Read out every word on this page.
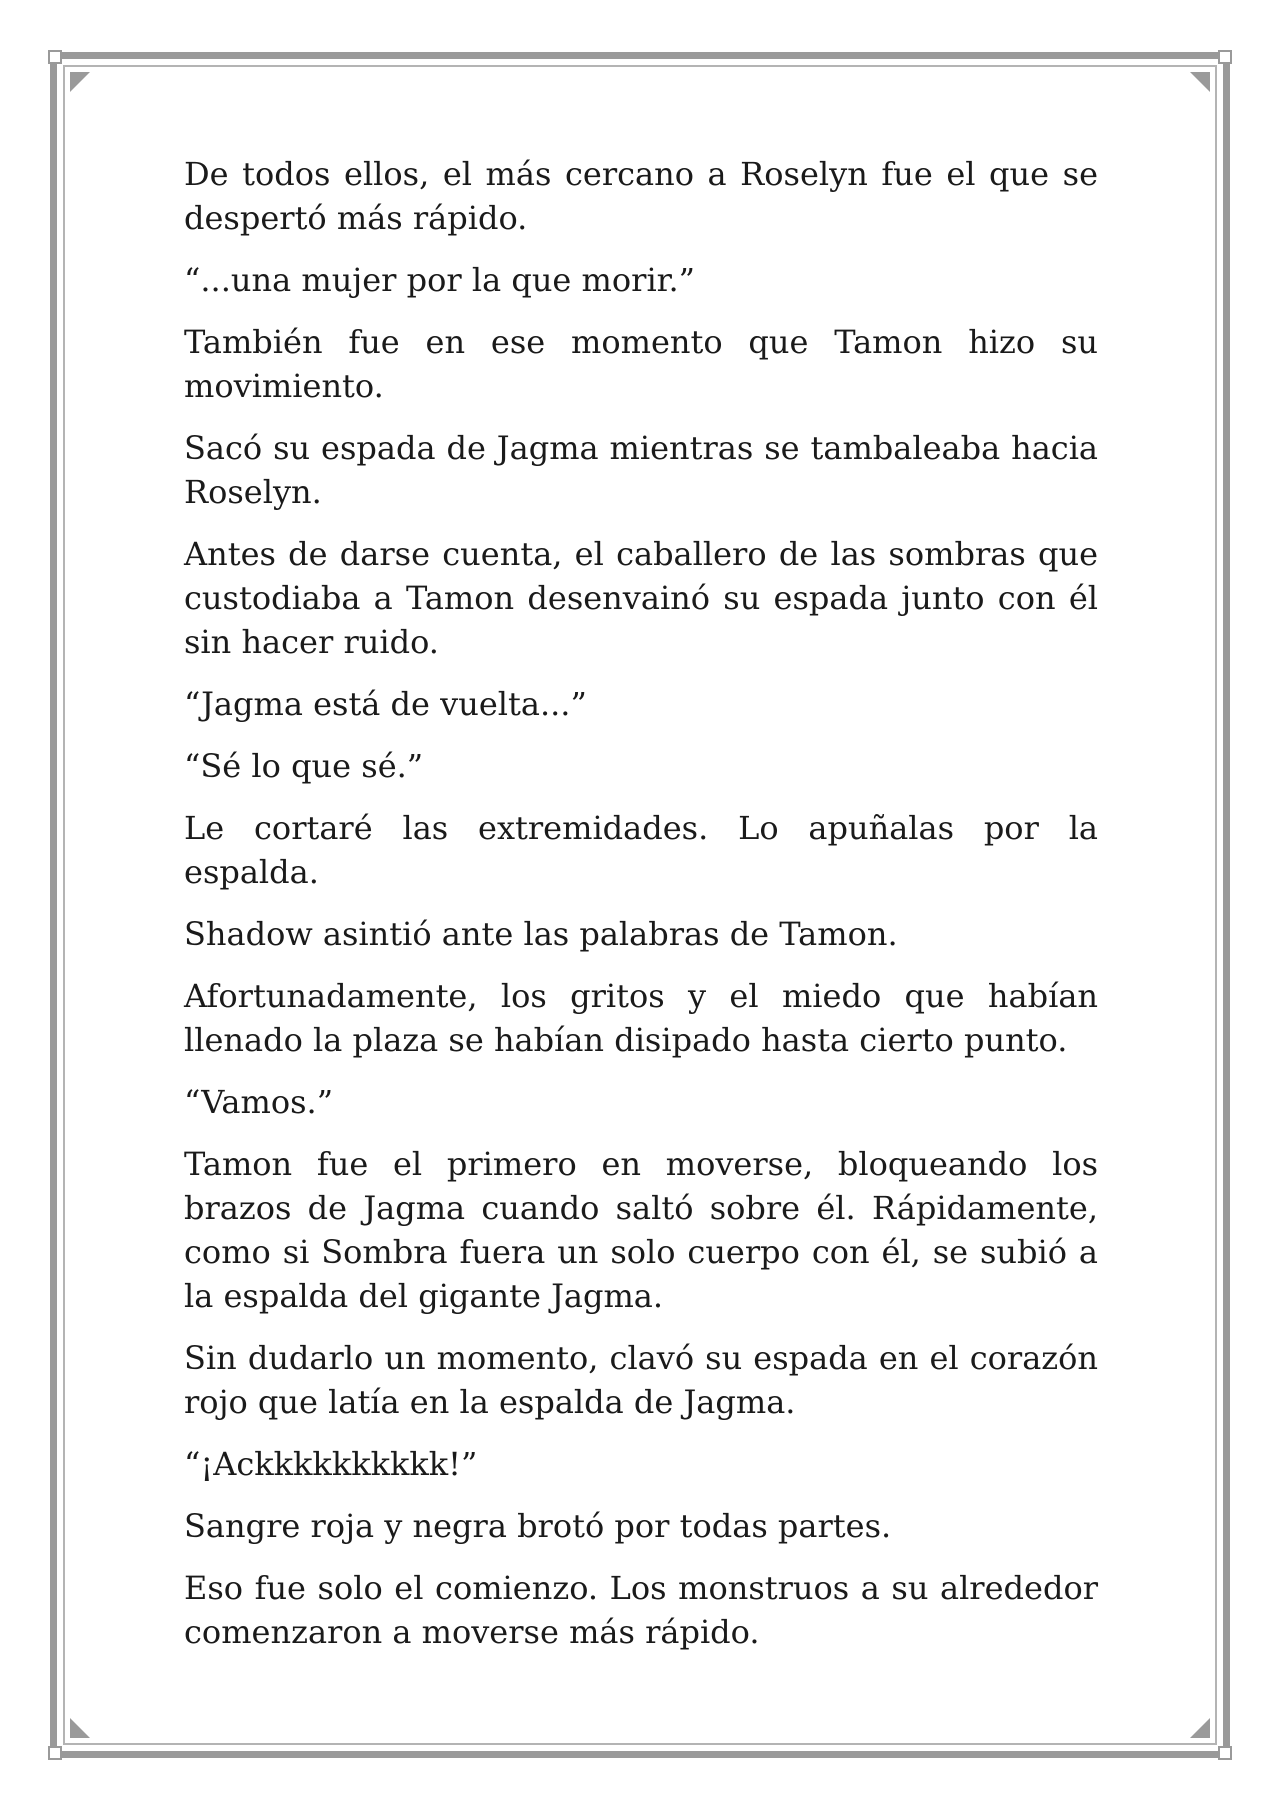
De todos ellos, el más cercano a Roselyn fue el que se despertó más rápido.

“...una mujer por la que morir.”

También fue en ese momento que Tamon hizo su movimiento.

Sacó su espada de Jagma mientras se tambaleaba hacia Roselyn.

Antes de darse cuenta, el caballero de las sombras que custodiaba a Tamon desenvainó su espada junto con él sin hacer ruido.

“Jagma está de vuelta...”

“Sé lo que sé.”

Le cortaré las extremidades. Lo apuñalas por la espalda.

Shadow asintió ante las palabras de Tamon.

Afortunadamente, los gritos y el miedo que habían llenado la plaza se habían disipado hasta cierto punto.

“Vamos.”

Tamon fue el primero en moverse, bloqueando los brazos de Jagma cuando saltó sobre él. Rápidamente, como si Sombra fuera un solo cuerpo con él, se subió a la espalda del gigante Jagma.

Sin dudarlo un momento, clavó su espada en el corazón rojo que latía en la espalda de Jagma.

“¡Ackkkkkkkkkk!”

Sangre roja y negra brotó por todas partes.

Eso fue solo el comienzo. Los monstruos a su alrededor comenzaron a moverse más rápido.
